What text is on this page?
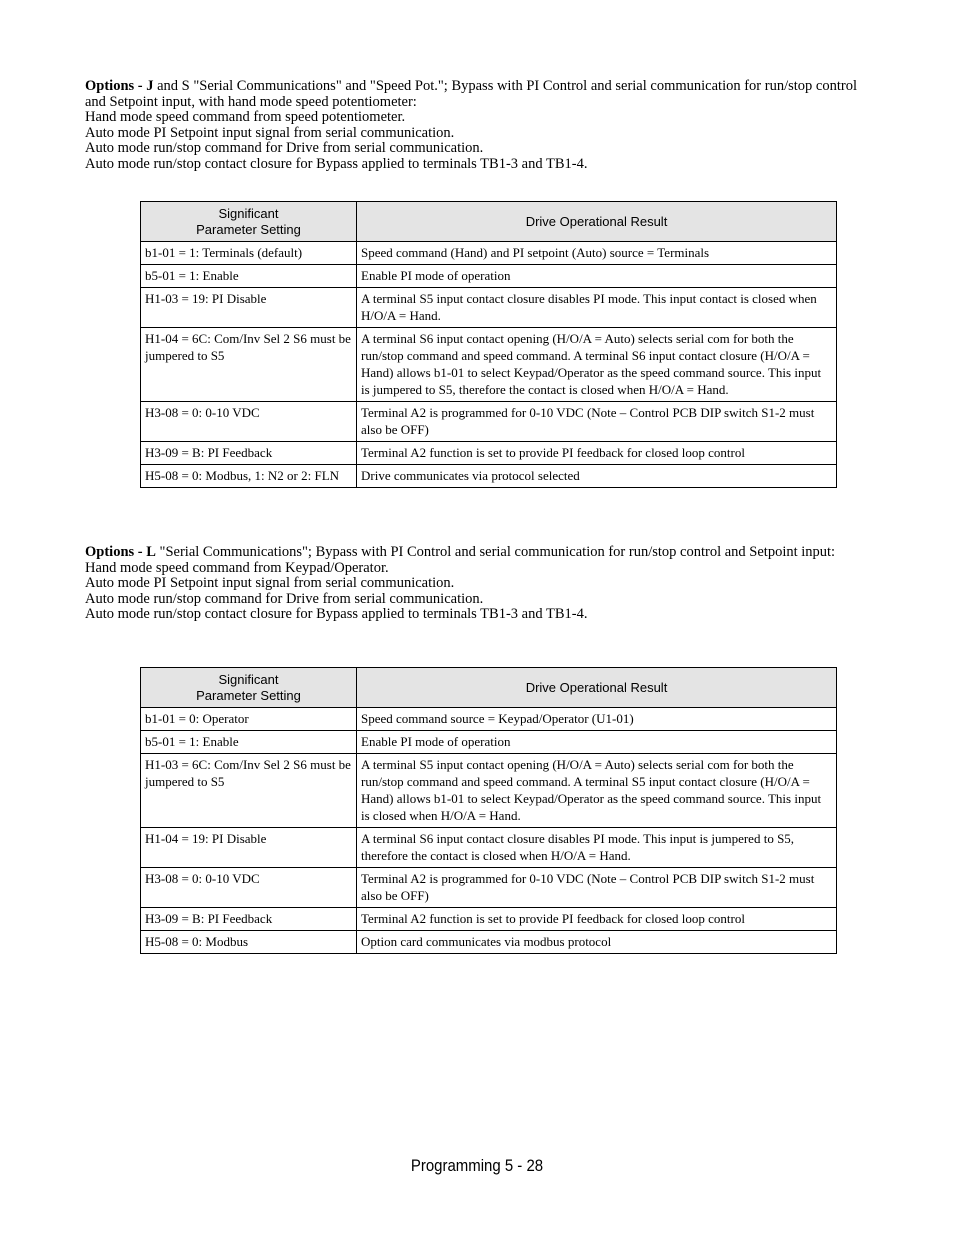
Options - J and S "Serial Communications" and "Speed Pot."; Bypass with PI Control and serial communication for run/stop control and Setpoint input, with hand mode speed potentiometer:

Hand mode speed command from speed potentiometer.

Auto mode PI Setpoint input signal from serial communication.

Auto mode run/stop command for Drive from serial communication.

Auto mode run/stop contact closure for Bypass applied to terminals TB1-3 and TB1-4.

Significant
Parameter Setting	Drive Operational Result
b1-01 = 1: Terminals (default)	Speed command (Hand) and PI setpoint (Auto) source = Terminals
b5-01 = 1: Enable	Enable PI mode of operation
H1-03 = 19: PI Disable	A terminal S5 input contact closure disables PI mode. This input contact is closed when H/O/A = Hand.
H1-04 = 6C: Com/Inv Sel 2 S6 must be jumpered to S5	A terminal S6 input contact opening (H/O/A = Auto) selects serial com for both the run/stop command and speed command. A terminal S6 input contact closure (H/O/A = Hand) allows b1-01 to select Keypad/Operator as the speed command source. This input is jumpered to S5, therefore the contact is closed when H/O/A = Hand.
H3-08 = 0: 0-10 VDC	Terminal A2 is programmed for 0-10 VDC (Note – Control PCB DIP switch S1-2 must also be OFF)
H3-09 = B: PI Feedback	Terminal A2 function is set to provide PI feedback for closed loop control
H5-08 = 0: Modbus, 1: N2 or 2: FLN	Drive communicates via protocol selected

Options - L "Serial Communications"; Bypass with PI Control and serial communication for run/stop control and Setpoint input:

Hand mode speed command from Keypad/Operator.

Auto mode PI Setpoint input signal from serial communication.

Auto mode run/stop command for Drive from serial communication.

Auto mode run/stop contact closure for Bypass applied to terminals TB1-3 and TB1-4.

Significant
Parameter Setting	Drive Operational Result
b1-01 = 0: Operator	Speed command source = Keypad/Operator (U1-01)
b5-01 = 1: Enable	Enable PI mode of operation
H1-03 = 6C: Com/Inv Sel 2 S6 must be jumpered to S5	A terminal S5 input contact opening (H/O/A = Auto) selects serial com for both the run/stop command and speed command. A terminal S5 input contact closure (H/O/A = Hand) allows b1-01 to select Keypad/Operator as the speed command source. This input is closed when H/O/A = Hand.
H1-04 = 19: PI Disable	A terminal S6 input contact closure disables PI mode. This input is jumpered to S5, therefore the contact is closed when H/O/A = Hand.
H3-08 = 0: 0-10 VDC	Terminal A2 is programmed for 0-10 VDC (Note – Control PCB DIP switch S1-2 must also be OFF)
H3-09 = B: PI Feedback	Terminal A2 function is set to provide PI feedback for closed loop control
H5-08 = 0: Modbus	Option card communicates via modbus protocol
Programming 5 - 28
